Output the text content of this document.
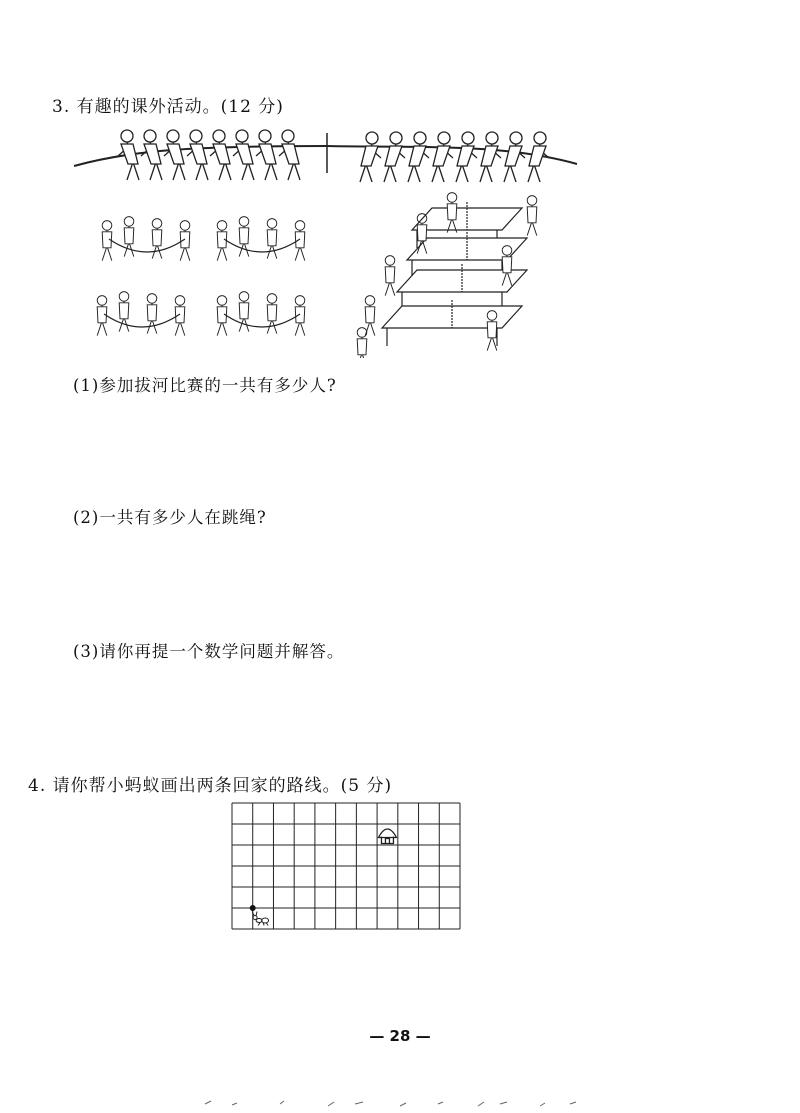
3. 有趣的课外活动。(12 分)
(1)参加拔河比赛的一共有多少人?
(2)一共有多少人在跳绳?
(3)请你再提一个数学问题并解答。
4. 请你帮小蚂蚁画出两条回家的路线。(5 分)
— 28 —
